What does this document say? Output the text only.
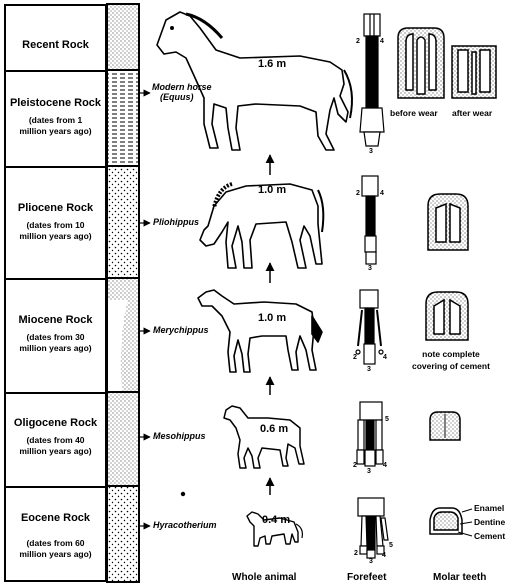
Recent Rock
Pleistocene Rock
(dates from 1
million years ago)
Pliocene Rock
(dates from 10
million years ago)
Miocene Rock
(dates from 30
million years ago)
Oligocene Rock
(dates from 40
million years ago)
Eocene Rock
(dates from 60
million years ago)
Modern horse
(Equus)
Pliohippus
Merychippus
Mesohippus
Hyracotherium
1.6 m
1.0 m
1.0 m
0.6 m
0.4 m
2	4
3
2	4
3
2	4
3
5
2	4
3
2	4
3
5
before wear after wear
note complete
covering of cement
Enamel
Dentine
Cement
Whole animal	Forefeet	Molar teeth
